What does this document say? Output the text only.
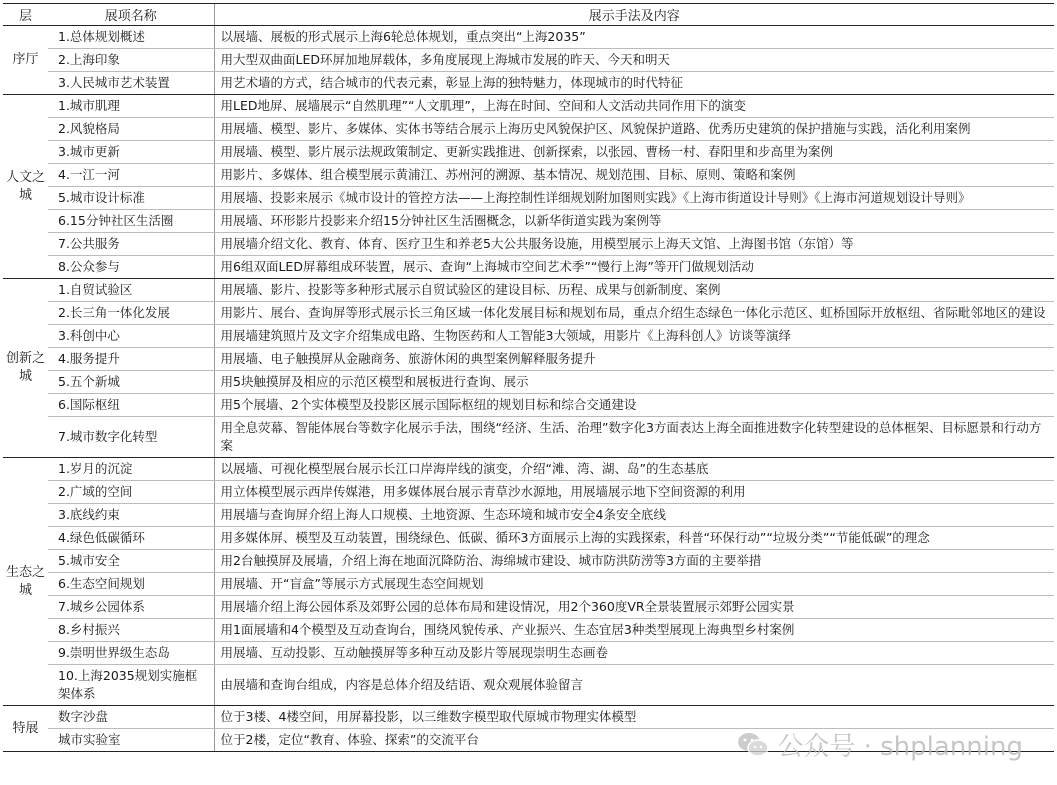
层	展项名称	展示手法及内容
序厅	1.总体规划概述	以展墙、展板的形式展示上海6轮总体规划，重点突出“上海2035”
	2.上海印象	用大型双曲面LED环屏加地屏载体，多角度展现上海城市发展的昨天、今天和明天
	3.人民城市艺术装置	用艺术墙的方式，结合城市的代表元素，彰显上海的独特魅力，体现城市的时代特征
人文之城	1.城市肌理	用LED地屏、展墙展示“自然肌理”“人文肌理”，上海在时间、空间和人文活动共同作用下的演变
	2.风貌格局	用展墙、模型、影片、多媒体、实体书等结合展示上海历史风貌保护区、风貌保护道路、优秀历史建筑的保护措施与实践，活化利用案例
	3.城市更新	用展墙、模型、影片展示法规政策制定、更新实践推进、创新探索，以张园、曹杨一村、春阳里和步高里为案例
	4.一江一河	用影片、多媒体、组合模型展示黄浦江、苏州河的溯源、基本情况、规划范围、目标、原则、策略和案例
	5.城市设计标准	用展墙、投影来展示《城市设计的管控方法——上海控制性详细规划附加图则实践》《上海市街道设计导则》《上海市河道规划设计导则》
	6.15分钟社区生活圈	用展墙、环形影片投影来介绍15分钟社区生活圈概念，以新华街道实践为案例等
	7.公共服务	用展墙介绍文化、教育、体育、医疗卫生和养老5大公共服务设施，用模型展示上海天文馆、上海图书馆（东馆）等
	8.公众参与	用6组双面LED屏幕组成环装置，展示、查询“上海城市空间艺术季”“慢行上海”等开门做规划活动
创新之城	1.自贸试验区	用展墙、影片、投影等多种形式展示自贸试验区的建设目标、历程、成果与创新制度、案例
	2.长三角一体化发展	用影片、展台、查询屏等形式展示长三角区域一体化发展目标和规划布局，重点介绍生态绿色一体化示范区、虹桥国际开放枢纽、省际毗邻地区的建设
	3.科创中心	用展墙建筑照片及文字介绍集成电路、生物医药和人工智能3大领域，用影片《上海科创人》访谈等演绎
	4.服务提升	用展墙、电子触摸屏从金融商务、旅游休闲的典型案例解释服务提升
	5.五个新城	用5块触摸屏及相应的示范区模型和展板进行查询、展示
	6.国际枢纽	用5个展墙、2个实体模型及投影区展示国际枢纽的规划目标和综合交通建设
	7.城市数字化转型	用全息荧幕、智能体展台等数字化展示手法，围绕“经济、生活、治理”数字化3方面表达上海全面推进数字化转型建设的总体框架、目标愿景和行动方案
生态之城	1.岁月的沉淀	以展墙、可视化模型展台展示长江口岸海岸线的演变，介绍“滩、湾、湖、岛”的生态基底
	2.广域的空间	用立体模型展示西岸传媒港，用多媒体展台展示青草沙水源地，用展墙展示地下空间资源的利用
	3.底线约束	用展墙与查询屏介绍上海人口规模、土地资源、生态环境和城市安全4条安全底线
	4.绿色低碳循环	用多媒体屏、模型及互动装置，围绕绿色、低碳、循环3方面展示上海的实践探索，科普“环保行动”“垃圾分类”“节能低碳”的理念
	5.城市安全	用2台触摸屏及展墙，介绍上海在地面沉降防治、海绵城市建设、城市防洪防涝等3方面的主要举措
	6.生态空间规划	用展墙、开“盲盒”等展示方式展现生态空间规划
	7.城乡公园体系	用展墙介绍上海公园体系及郊野公园的总体布局和建设情况，用2个360度VR全景装置展示郊野公园实景
	8.乡村振兴	用1面展墙和4个模型及互动查询台，围绕风貌传承、产业振兴、生态宜居3种类型展现上海典型乡村案例
	9.崇明世界级生态岛	用展墙、互动投影、互动触摸屏等多种互动及影片等展现崇明生态画卷
	10.上海2035规划实施框架体系	由展墙和查询台组成，内容是总体介绍及结语、观众观展体验留言
特展	数字沙盘	位于3楼、4楼空间，用屏幕投影，以三维数字模型取代原城市物理实体模型
	城市实验室	位于2楼，定位“教育、体验、探索”的交流平台	公众号 · shplanning
